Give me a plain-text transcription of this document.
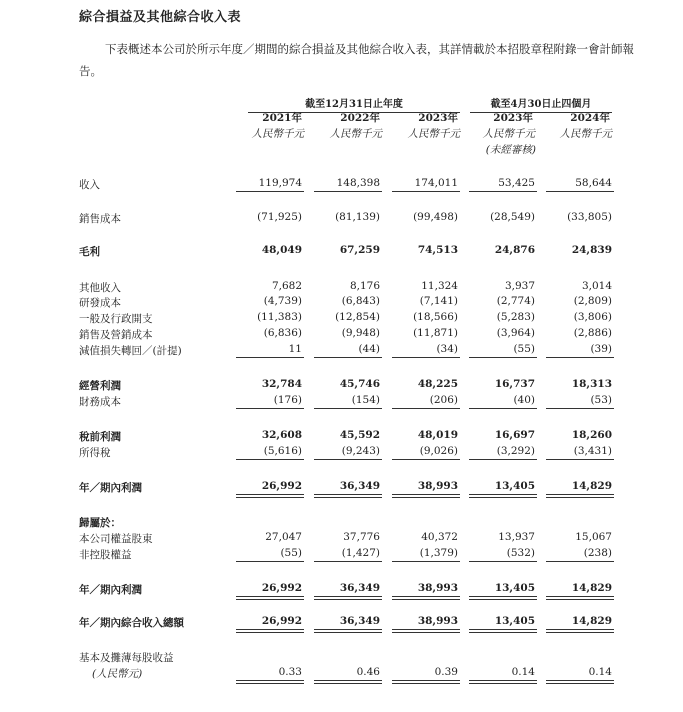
綜合損益及其他綜合收入表
下表概述本公司於所示年度／期間的綜合損益及其他綜合收入表，其詳情載於本招股章程附錄一會計師報告。
截至12月31日止年度	截至4月30日止四個月
2021年	2022年	2023年	2023年	2024年
人民幣千元	人民幣千元	人民幣千元	人民幣千元	人民幣千元
(未經審核)
收入	119,974	148,398	174,011	53,425	58,644
銷售成本	(71,925)	(81,139)	(99,498)	(28,549)	(33,805)
毛利	48,049	67,259	74,513	24,876	24,839
其他收入	7,682	8,176	11,324	3,937	3,014
研發成本	(4,739)	(6,843)	(7,141)	(2,774)	(2,809)
一般及行政開支	(11,383)	(12,854)	(18,566)	(5,283)	(3,806)
銷售及營銷成本	(6,836)	(9,948)	(11,871)	(3,964)	(2,886)
減值損失轉回／(計提)	11	(44)	(34)	(55)	(39)
經營利潤	32,784	45,746	48,225	16,737	18,313
財務成本	(176)	(154)	(206)	(40)	(53)
稅前利潤	32,608	45,592	48,019	16,697	18,260
所得稅	(5,616)	(9,243)	(9,026)	(3,292)	(3,431)
年／期內利潤	26,992	36,349	38,993	13,405	14,829
歸屬於：
本公司權益股東	27,047	37,776	40,372	13,937	15,067
非控股權益	(55)	(1,427)	(1,379)	(532)	(238)
年／期內利潤	26,992	36,349	38,993	13,405	14,829
年／期內綜合收入總額	26,992	36,349	38,993	13,405	14,829
基本及攤薄每股收益
(人民幣元)	0.33	0.46	0.39	0.14	0.14
